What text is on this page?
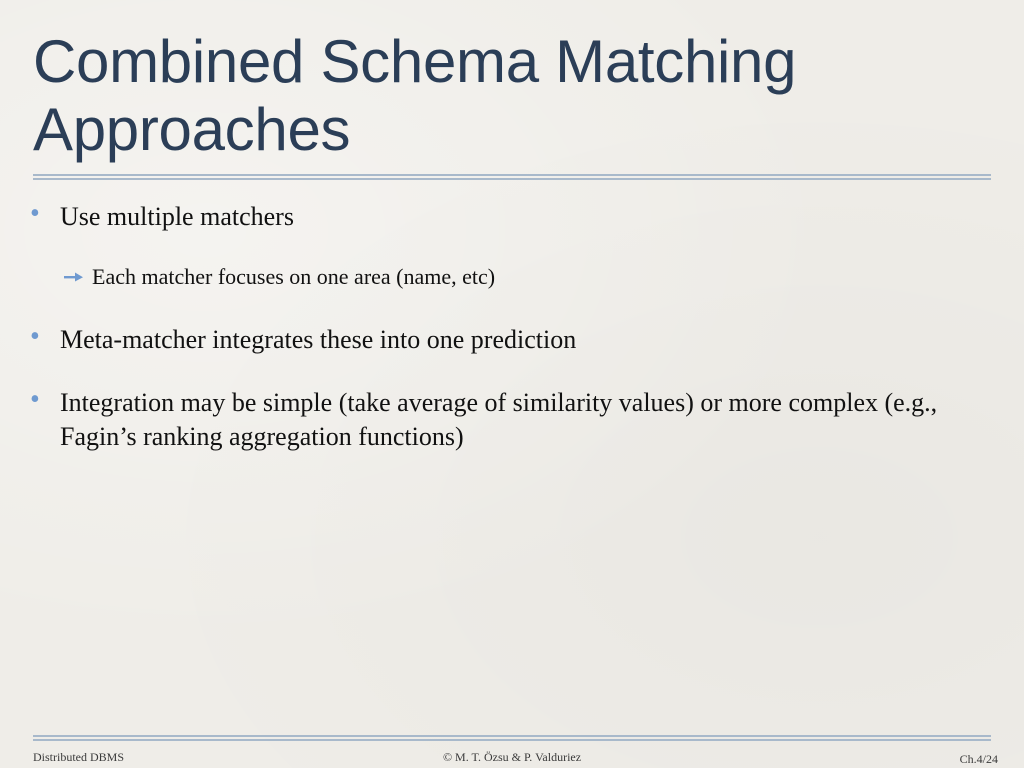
Combined Schema Matching
Approaches
• Use multiple matchers
Each matcher focuses on one area (name, etc)
• Meta-matcher integrates these into one prediction
• Integration may be simple (take average of similarity values) or more complex (e.g., Fagin’s ranking aggregation functions)
Distributed DBMS	© M. T. Özsu & P. Valduriez	Ch.4/24
